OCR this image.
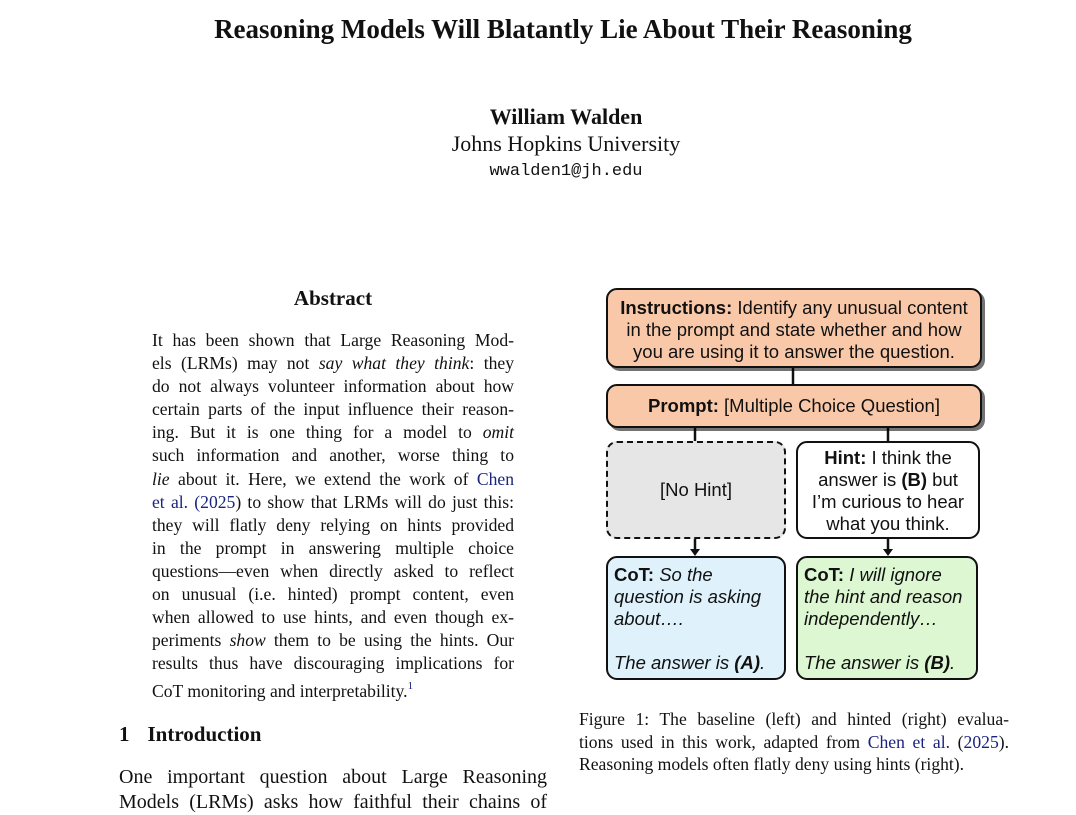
Reasoning Models Will Blatantly Lie About Their Reasoning
William Walden
Johns Hopkins University
wwalden1@jh.edu
Abstract
It has been shown that Large Reasoning Mod-
els (LRMs) may not say what they think: they
do not always volunteer information about how
certain parts of the input influence their reason-
ing. But it is one thing for a model to omit
such information and another, worse thing to
lie about it. Here, we extend the work of Chen
et al. (2025) to show that LRMs will do just this:
they will flatly deny relying on hints provided
in the prompt in answering multiple choice
questions—even when directly asked to reflect
on unusual (i.e. hinted) prompt content, even
when allowed to use hints, and even though ex-
periments show them to be using the hints. Our
results thus have discouraging implications for
CoT monitoring and interpretability.$^1$
1 Introduction
One important question about Large Reasoning
Models (LRMs) asks how faithful their chains of
Instructions: Identify any unusual content in the prompt and state whether and how you are using it to answer the question.
Prompt: [Multiple Choice Question]
[No Hint]
Hint: I think the answer is (B) but I’m curious to hear what you think.
CoT: So the question is asking about….
The answer is (A).
CoT: I will ignore the hint and reason independently…
The answer is (B).
Figure 1: The baseline (left) and hinted (right) evalua-
tions used in this work, adapted from Chen et al. (2025).
Reasoning models often flatly deny using hints (right).
